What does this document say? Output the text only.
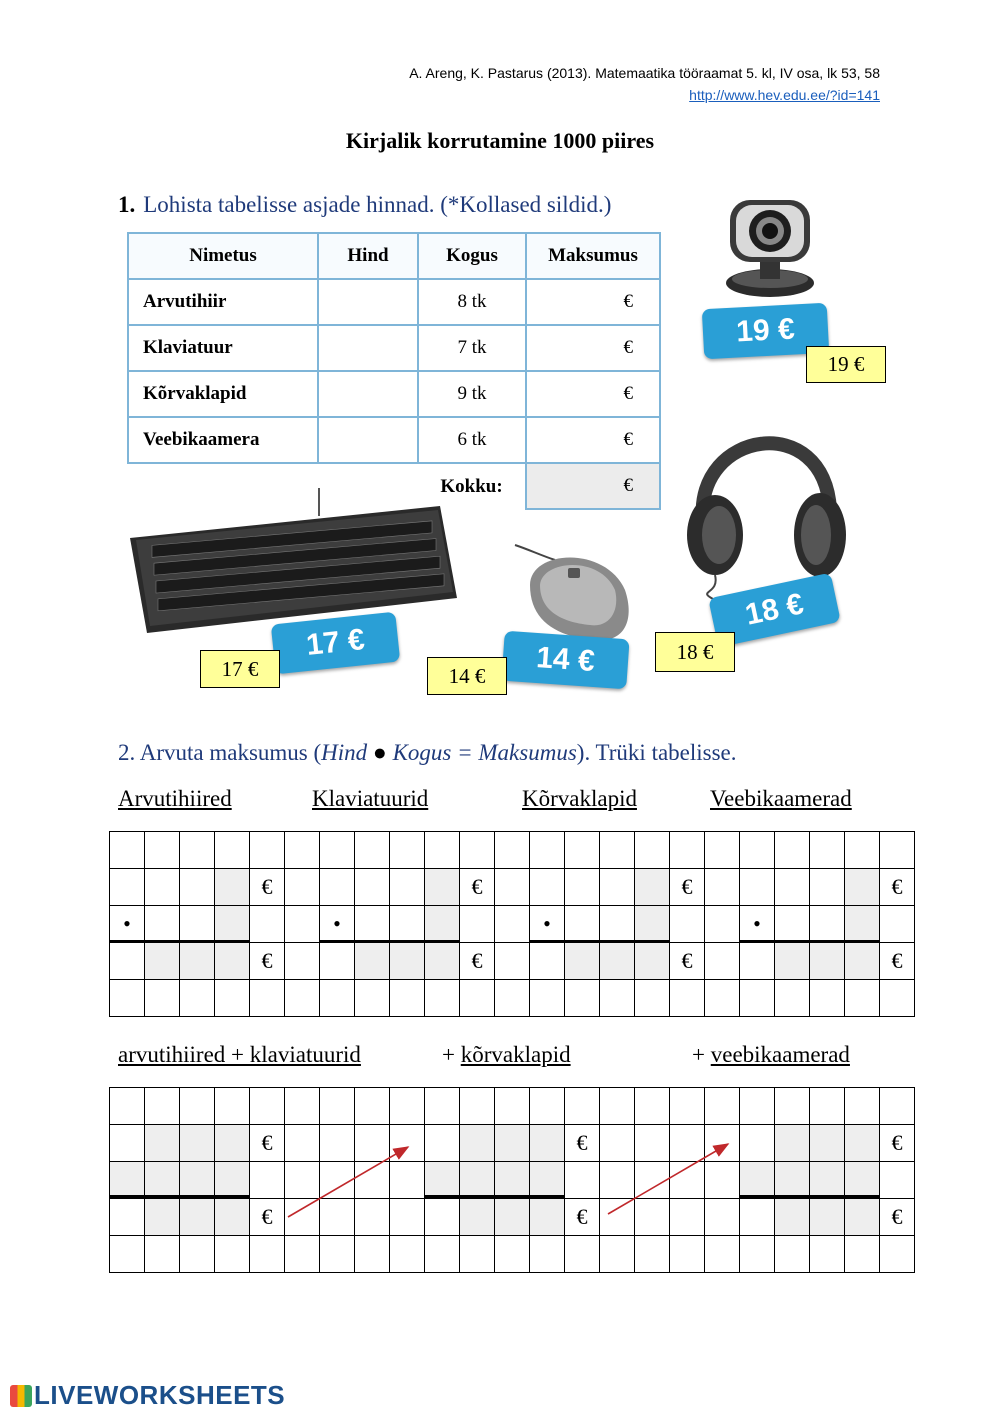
A. Areng, K. Pastarus (2013). Matemaatika tööraamat 5. kl, IV osa, lk 53, 58
http://www.hev.edu.ee/?id=141
Kirjalik korrutamine 1000 piires
1. Lohista tabelisse asjade hinnad. (*Kollased sildid.)
Nimetus	Hind	Kogus	Maksumus
Arvutihiir		8 tk	€
Klaviatuur		7 tk	€
Kõrvaklapid		9 tk	€
Veebikaamera		6 tk	€
		Kokku:	€
19 €
19 €
18 €
18 €
17 €
17 €	14 €
14 €
2. Arvuta maksumus (Hind ● Kogus = Maksumus). Trüki tabelisse.
Arvutihiired	Klaviatuurid	Kõrvaklapid	Veebikaamerad

				€						€						€						€
•						•						•						•				
				€						€						€						€

arvutihiired + klaviatuurid	+ kõrvaklapid	+ veebikaamerad

				€									€									€

				€									€									€

LIVEWORKSHEETS
